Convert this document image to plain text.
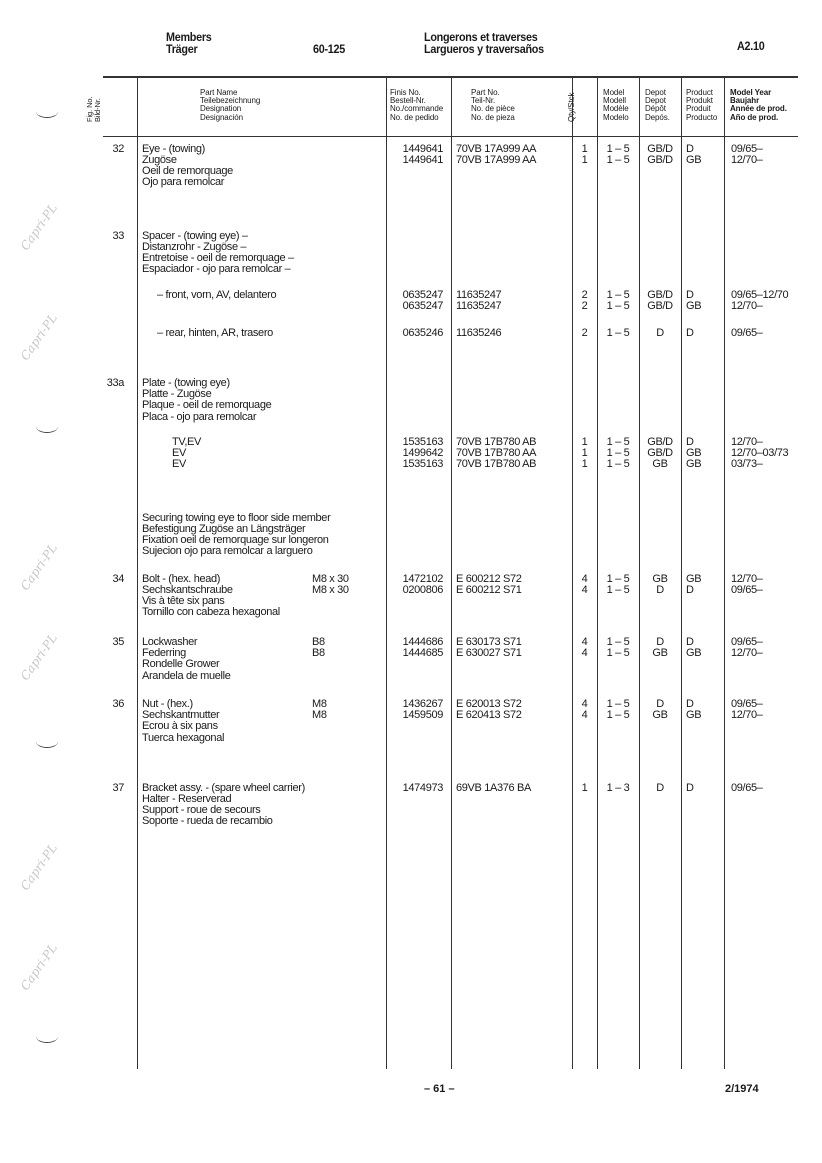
Members
Träger	60-125
Longerons et traverses
Largueros y traversaños	A2.10
Fig. No. Bild-Nr.
Part Name
Teilebezeichnung
Designation
Designación
Finis No.
Bestell-Nr.
No./commande
No. de pedido
Part No.
Teil-Nr.
No. de pièce
No. de pieza	Qty/Stck
Model
Modell
Modèle
Modelo
Depot
Depot
Dépôt
Depós.
Product
Produkt
Produit
Producto
Model Year
Baujahr
Année de prod.
Año de prod.
32 Eye - (towing)	1449641 70VB 17A999 AA	1	1 – 5	GB/D	D	09/65–
Zugöse	1449641 70VB 17A999 AA	1	1 – 5	GB/D	GB	12/70–
Oeil de remorquage
Ojo para remolcar
33 Spacer - (towing eye) –
Distanzrohr - Zugöse –
Entretoise - oeil de remorquage –
Espaciador - ojo para remolcar –
– front, vorn, AV, delantero	0635247 11635247	2	1 – 5	GB/D	D	09/65–12/70
0635247 11635247	2	1 – 5	GB/D	GB	12/70–
– rear, hinten, AR, trasero	0635246 11635246	2	1 – 5	D	D	09/65–
33a Plate - (towing eye)
Platte - Zugöse
Plaque - oeil de remorquage
Placa - ojo para remolcar
TV,EV	1535163 70VB 17B780 AB	1	1 – 5	GB/D	D	12/70–
EV	1499642 70VB 17B780 AA	1	1 – 5	GB/D	GB	12/70–03/73
EV	1535163 70VB 17B780 AB	1	1 – 5	GB	GB	03/73–
Securing towing eye to floor side member
Befestigung Zugöse an Längsträger
Fixation oeil de remorquage sur longeron
Sujecion ojo para remolcar a larguero
34 Bolt - (hex. head)	M8 x 30	1472102 E 600212 S72	4	1 – 5	GB	GB	12/70–
Sechskantschraube	M8 x 30	0200806 E 600212 S71	4	1 – 5	D	D	09/65–
Vis à tête six pans
Tornillo con cabeza hexagonal
35 Lockwasher	B8	1444686 E 630173 S71	4	1 – 5	D	D	09/65–
Federring	B8	1444685 E 630027 S71	4	1 – 5	GB	GB	12/70–
Rondelle Grower
Arandela de muelle
36 Nut - (hex.)	M8	1436267 E 620013 S72	4	1 – 5	D	D	09/65–
Sechskantmutter	M8	1459509 E 620413 S72	4	1 – 5	GB	GB	12/70–
Ecrou à six pans
Tuerca hexagonal
37 Bracket assy. - (spare wheel carrier)	1474973 69VB 1A376 BA	1	1 – 3	D	D	09/65–
Halter - Reserverad
Support - roue de secours
Soporte - rueda de recambio
– 61 –	2/1974
Capri-PL
Capri-PL
Capri-PL
Capri-PL
Capri-PL
Capri-PL
